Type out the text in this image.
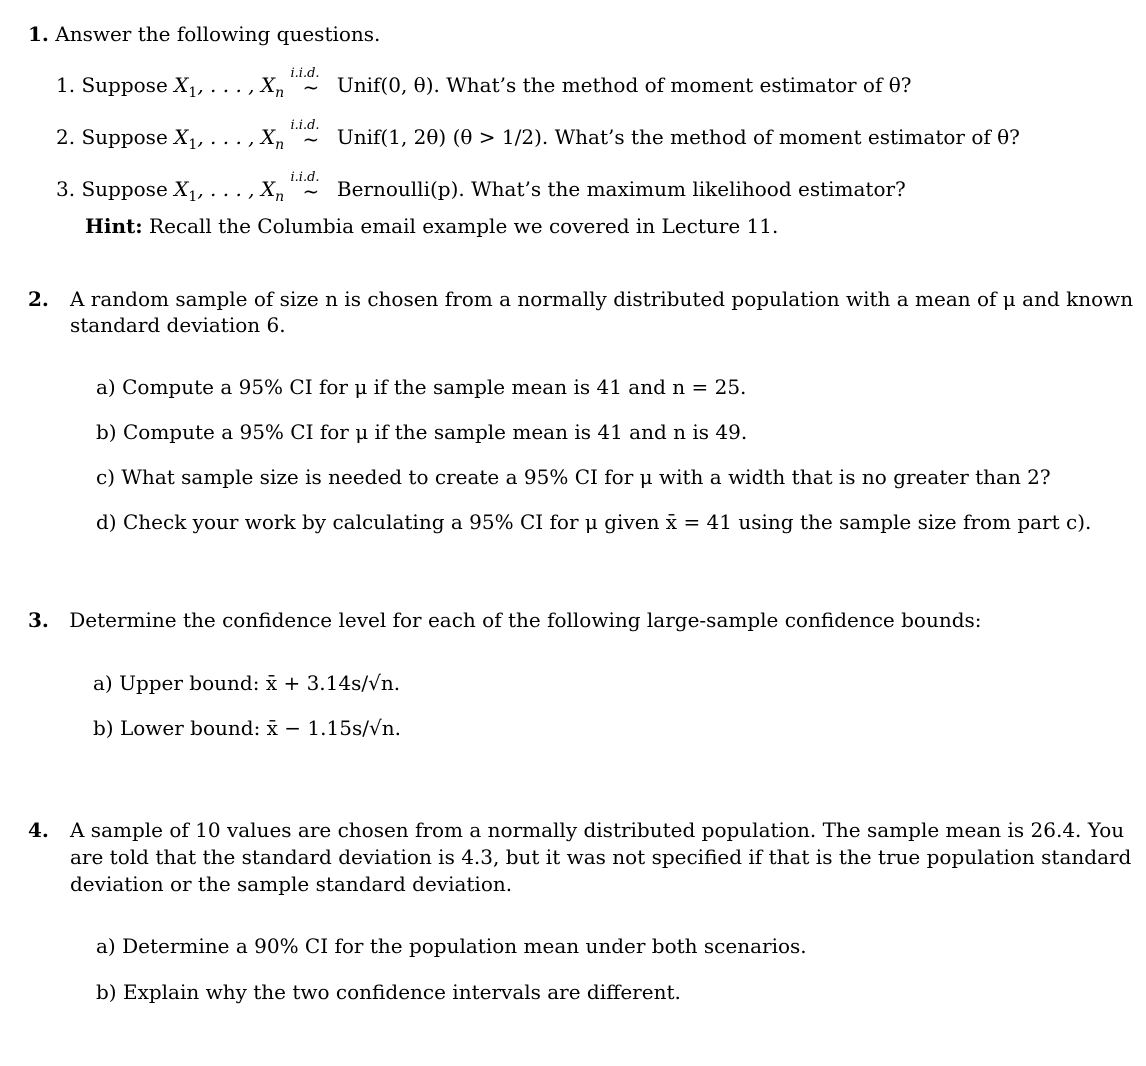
1. Answer the following questions.
1. Suppose $X_1$, . . . , $X_n$
i.i.d.
~ Unif(0, θ). What’s the method of moment estimator of θ?
2. Suppose $X_1$, . . . , $X_n$
i.i.d.
~ Unif(1, 2θ) (θ > 1/2). What’s the method of moment estimator of θ?
3. Suppose $X_1$, . . . , $X_n$
i.i.d.
~ Bernoulli(p). What’s the maximum likelihood estimator?
Hint: Recall the Columbia email example we covered in Lecture 11.
2. A random sample of size n is chosen from a normally distributed population with a mean of μ and known
standard deviation 6.
a) Compute a 95% CI for μ if the sample mean is 41 and n = 25.
b) Compute a 95% CI for μ if the sample mean is 41 and n is 49.
c) What sample size is needed to create a 95% CI for μ with a width that is no greater than 2?
d) Check your work by calculating a 95% CI for μ given x̄ = 41 using the sample size from part c).
3. Determine the confidence level for each of the following large-sample confidence bounds:
a) Upper bound: x̄ + 3.14s/√n.
b) Lower bound: x̄ − 1.15s/√n.
4. A sample of 10 values are chosen from a normally distributed population. The sample mean is 26.4. You
are told that the standard deviation is 4.3, but it was not specified if that is the true population standard
deviation or the sample standard deviation.
a) Determine a 90% CI for the population mean under both scenarios.
b) Explain why the two confidence intervals are different.
